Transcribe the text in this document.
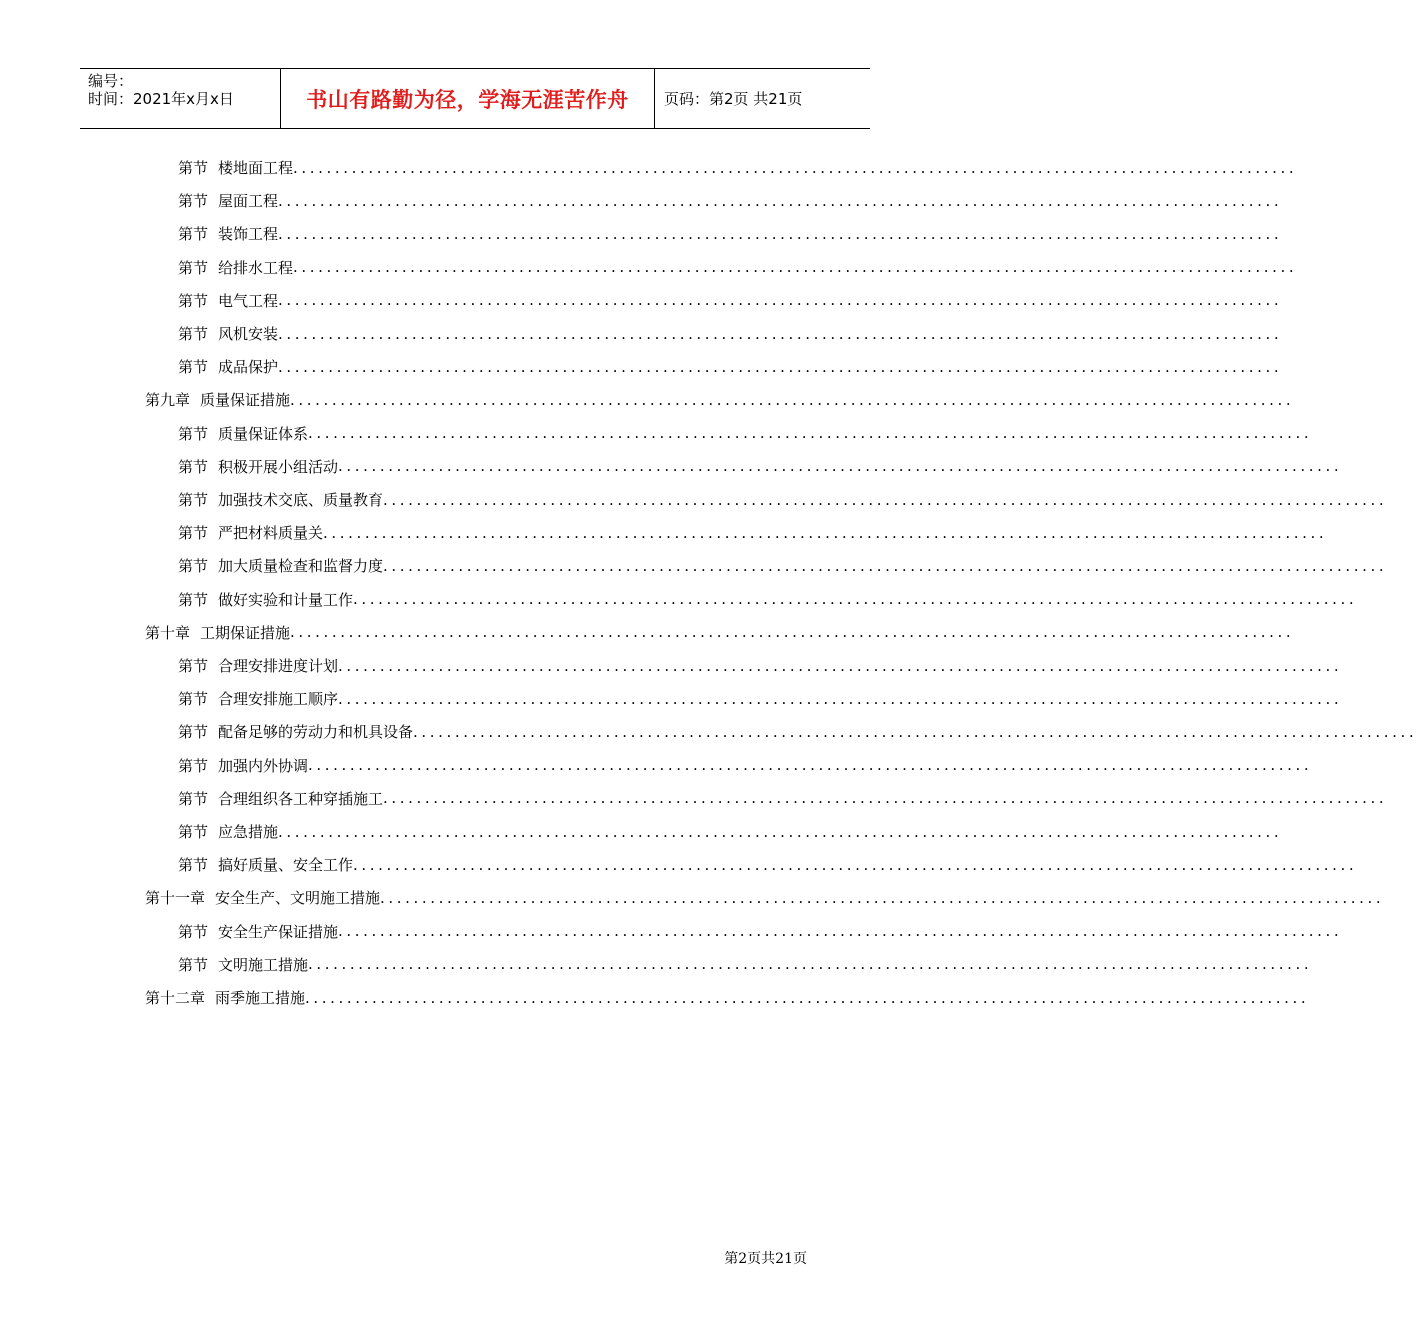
编号：
时间：2021年x月x日	书山有路勤为径，学海无涯苦作舟	页码：第2页 共21页
第节 楼地面工程 ........................................................................................................................
第节 屋面工程 ........................................................................................................................
第节 装饰工程 ........................................................................................................................
第节 给排水工程 ........................................................................................................................
第节 电气工程 ........................................................................................................................
第节 风机安装 ........................................................................................................................
第节 成品保护 ........................................................................................................................
第九章 质量保证措施 ........................................................................................................................
第节 质量保证体系 ........................................................................................................................
第节 积极开展小组活动 ........................................................................................................................
第节 加强技术交底、质量教育 ........................................................................................................................
第节 严把材料质量关 ........................................................................................................................
第节 加大质量检查和监督力度 ........................................................................................................................
第节 做好实验和计量工作 ........................................................................................................................
第十章 工期保证措施 ........................................................................................................................
第节 合理安排进度计划 ........................................................................................................................
第节 合理安排施工顺序 ........................................................................................................................
第节 配备足够的劳动力和机具设备 ........................................................................................................................
第节 加强内外协调 ........................................................................................................................
第节 合理组织各工种穿插施工 ........................................................................................................................
第节 应急措施 ........................................................................................................................
第节 搞好质量、安全工作 ........................................................................................................................
第十一章 安全生产、文明施工措施 ........................................................................................................................
第节 安全生产保证措施 ........................................................................................................................
第节 文明施工措施 ........................................................................................................................
第十二章 雨季施工措施 ........................................................................................................................
第2页共21页
